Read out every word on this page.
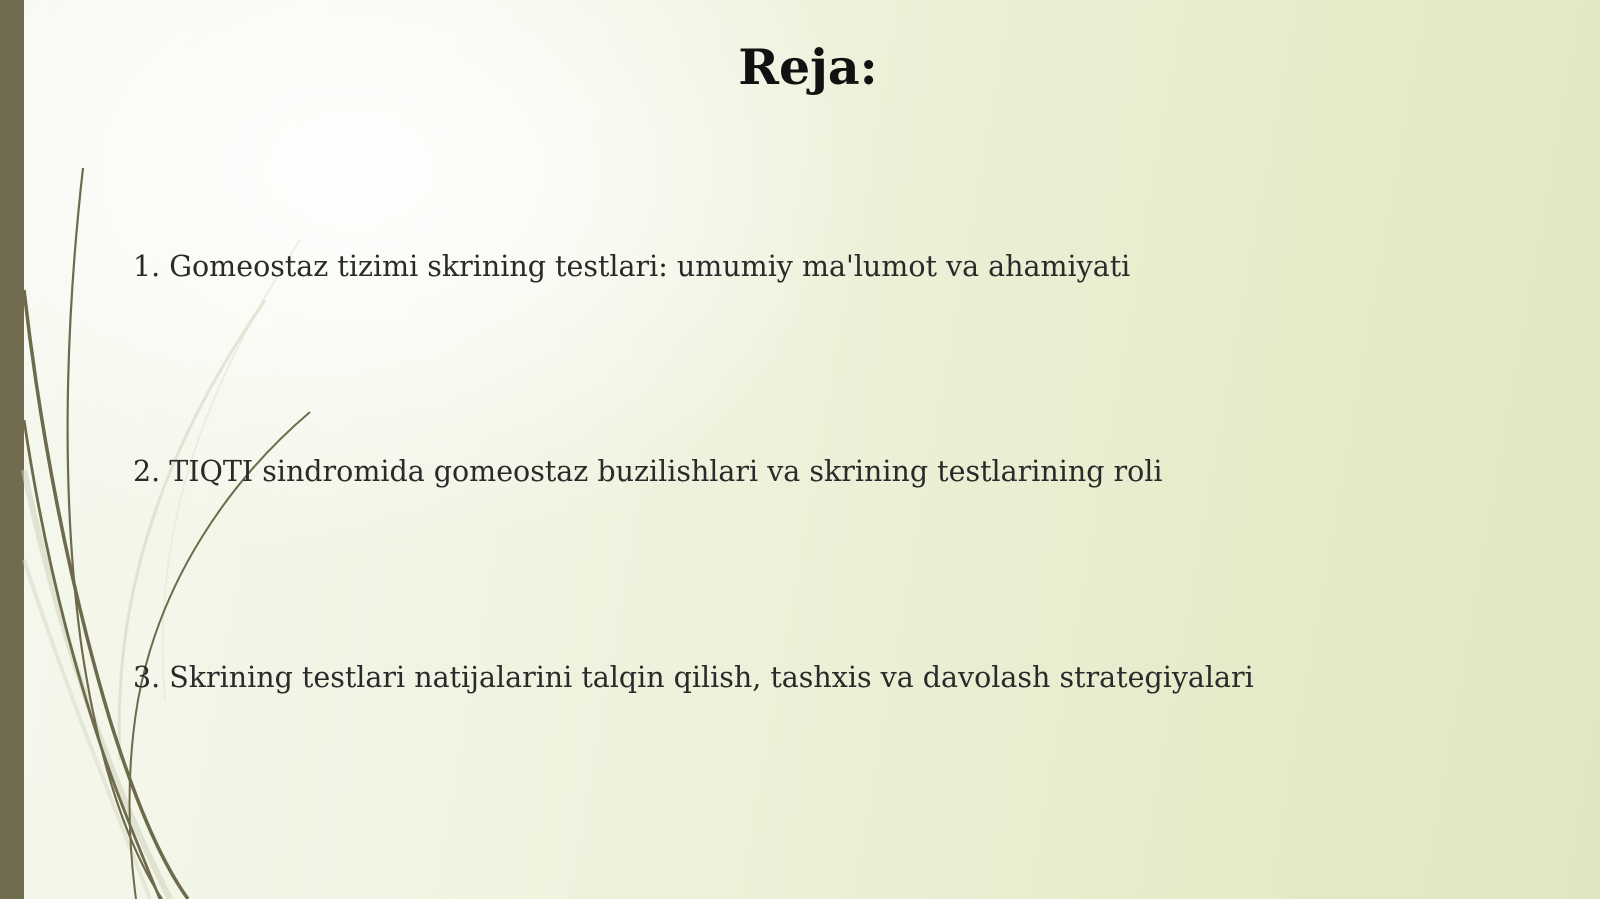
Reja:
1. Gomeostaz tizimi skrining testlari: umumiy ma'lumot va ahamiyati
2. TIQTI sindromida gomeostaz buzilishlari va skrining testlarining roli
3. Skrining testlari natijalarini talqin qilish, tashxis va davolash strategiyalari
